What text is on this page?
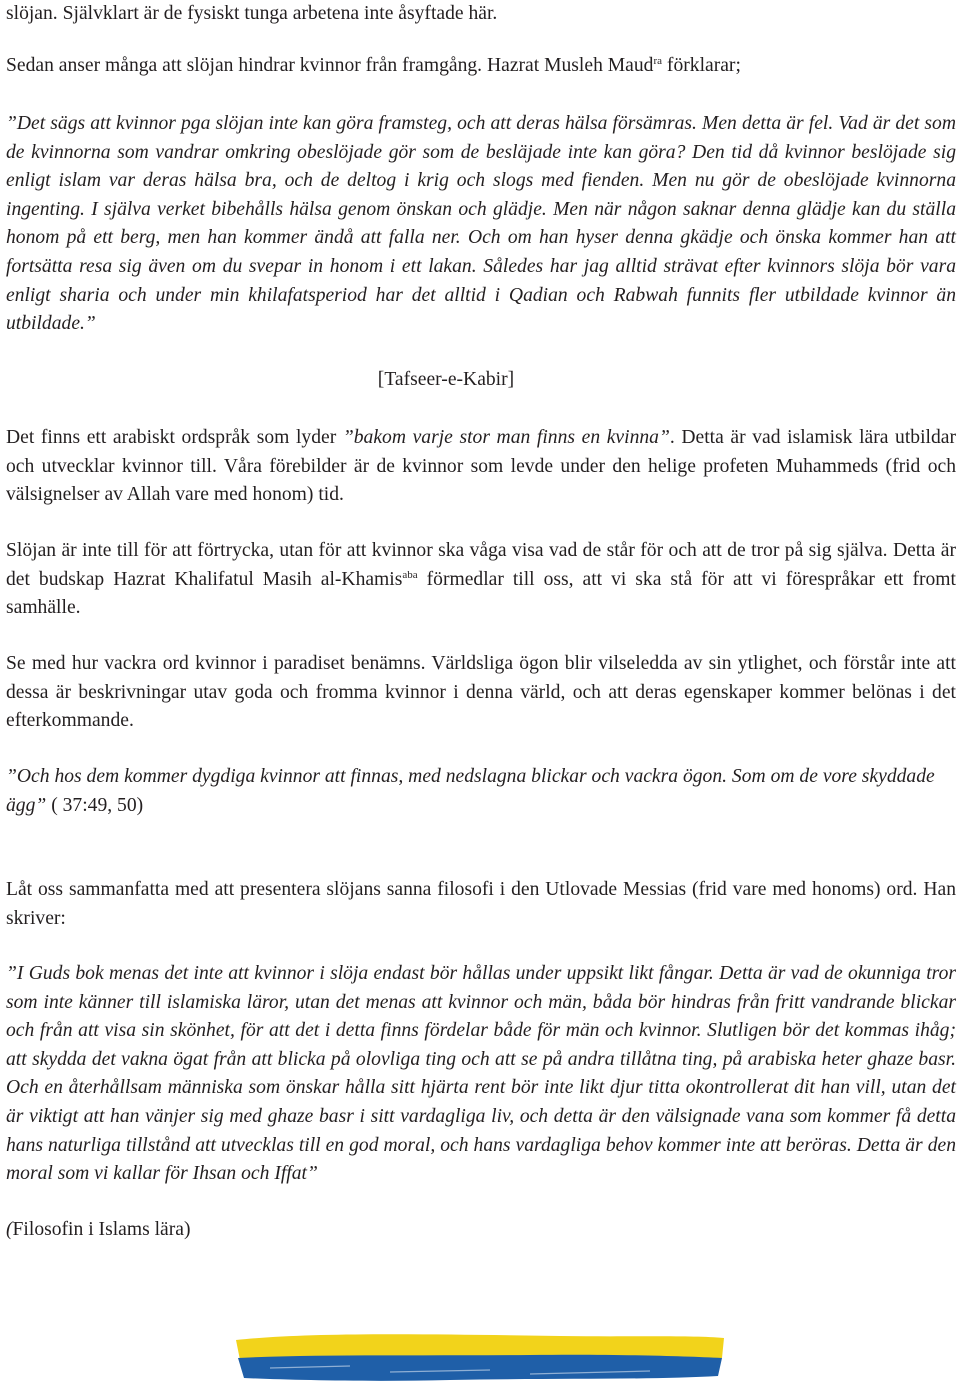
slöjan. Självklart är de fysiskt tunga arbetena inte åsyftade här.

Sedan anser många att slöjan hindrar kvinnor från framgång. Hazrat Musleh Maud$^{ra}$ förklarar;

”Det sägs att kvinnor pga slöjan inte kan göra framsteg, och att deras hälsa försämras. Men detta är fel. Vad är det som de kvinnorna som vandrar omkring obeslöjade gör som de besläjade inte kan göra? Den tid då kvinnor beslöjade sig enligt islam var deras hälsa bra, och de deltog i krig och slogs med fienden. Men nu gör de obeslöjade kvinnorna ingenting. I själva verket bibehålls hälsa genom önskan och glädje. Men när någon saknar denna glädje kan du ställa honom på ett berg, men han kommer ändå att falla ner. Och om han hyser denna gkädje och önska kommer han att fortsätta resa sig även om du svepar in honom i ett lakan. Således har jag alltid strävat efter kvinnors slöja bör vara enligt sharia och under min khilafatsperiod har det alltid i Qadian och Rabwah funnits fler utbildade kvinnor än utbildade.”

[Tafseer-e-Kabir]

Det finns ett arabiskt ordspråk som lyder ”bakom varje stor man finns en kvinna”. Detta är vad islamisk lära utbildar och utvecklar kvinnor till. Våra förebilder är de kvinnor som levde under den helige profeten Muhammeds (frid och välsignelser av Allah vare med honom) tid.

Slöjan är inte till för att förtrycka, utan för att kvinnor ska våga visa vad de står för och att de tror på sig själva. Detta är det budskap Hazrat Khalifatul Masih al-Khamis$^{aba}$ förmedlar till oss, att vi ska stå för att vi förespråkar ett fromt samhälle.

Se med hur vackra ord kvinnor i paradiset benämns. Världsliga ögon blir vilseledda av sin ytlighet, och förstår inte att dessa är beskrivningar utav goda och fromma kvinnor i denna värld, och att deras egenskaper kommer belönas i det efterkommande.

”Och hos dem kommer dygdiga kvinnor att finnas, med nedslagna blickar och vackra ögon. Som om de vore skyddade ägg” ( 37:49, 50)

Låt oss sammanfatta med att presentera slöjans sanna filosofi i den Utlovade Messias (frid vare med honoms) ord. Han skriver:

”I Guds bok menas det inte att kvinnor i slöja endast bör hållas under uppsikt likt fångar. Detta är vad de okunniga tror som inte känner till islamiska läror, utan det menas att kvinnor och män, båda bör hindras från fritt vandrande blickar och från att visa sin skönhet, för att det i detta finns fördelar både för män och kvinnor. Slutligen bör det kommas ihåg; att skydda det vakna ögat från att blicka på olovliga ting och att se på andra tillåtna ting, på arabiska heter ghaze basr. Och en återhållsam människa som önskar hålla sitt hjärta rent bör inte likt djur titta okontrollerat dit han vill, utan det är viktigt att han vänjer sig med ghaze basr i sitt vardagliga liv, och detta är den välsignade vana som kommer få detta hans naturliga tillstånd att utvecklas till en god moral, och hans vardagliga behov kommer inte att beröras. Detta är den moral som vi kallar för Ihsan och Iffat”

(Filosofin i Islams lära)
